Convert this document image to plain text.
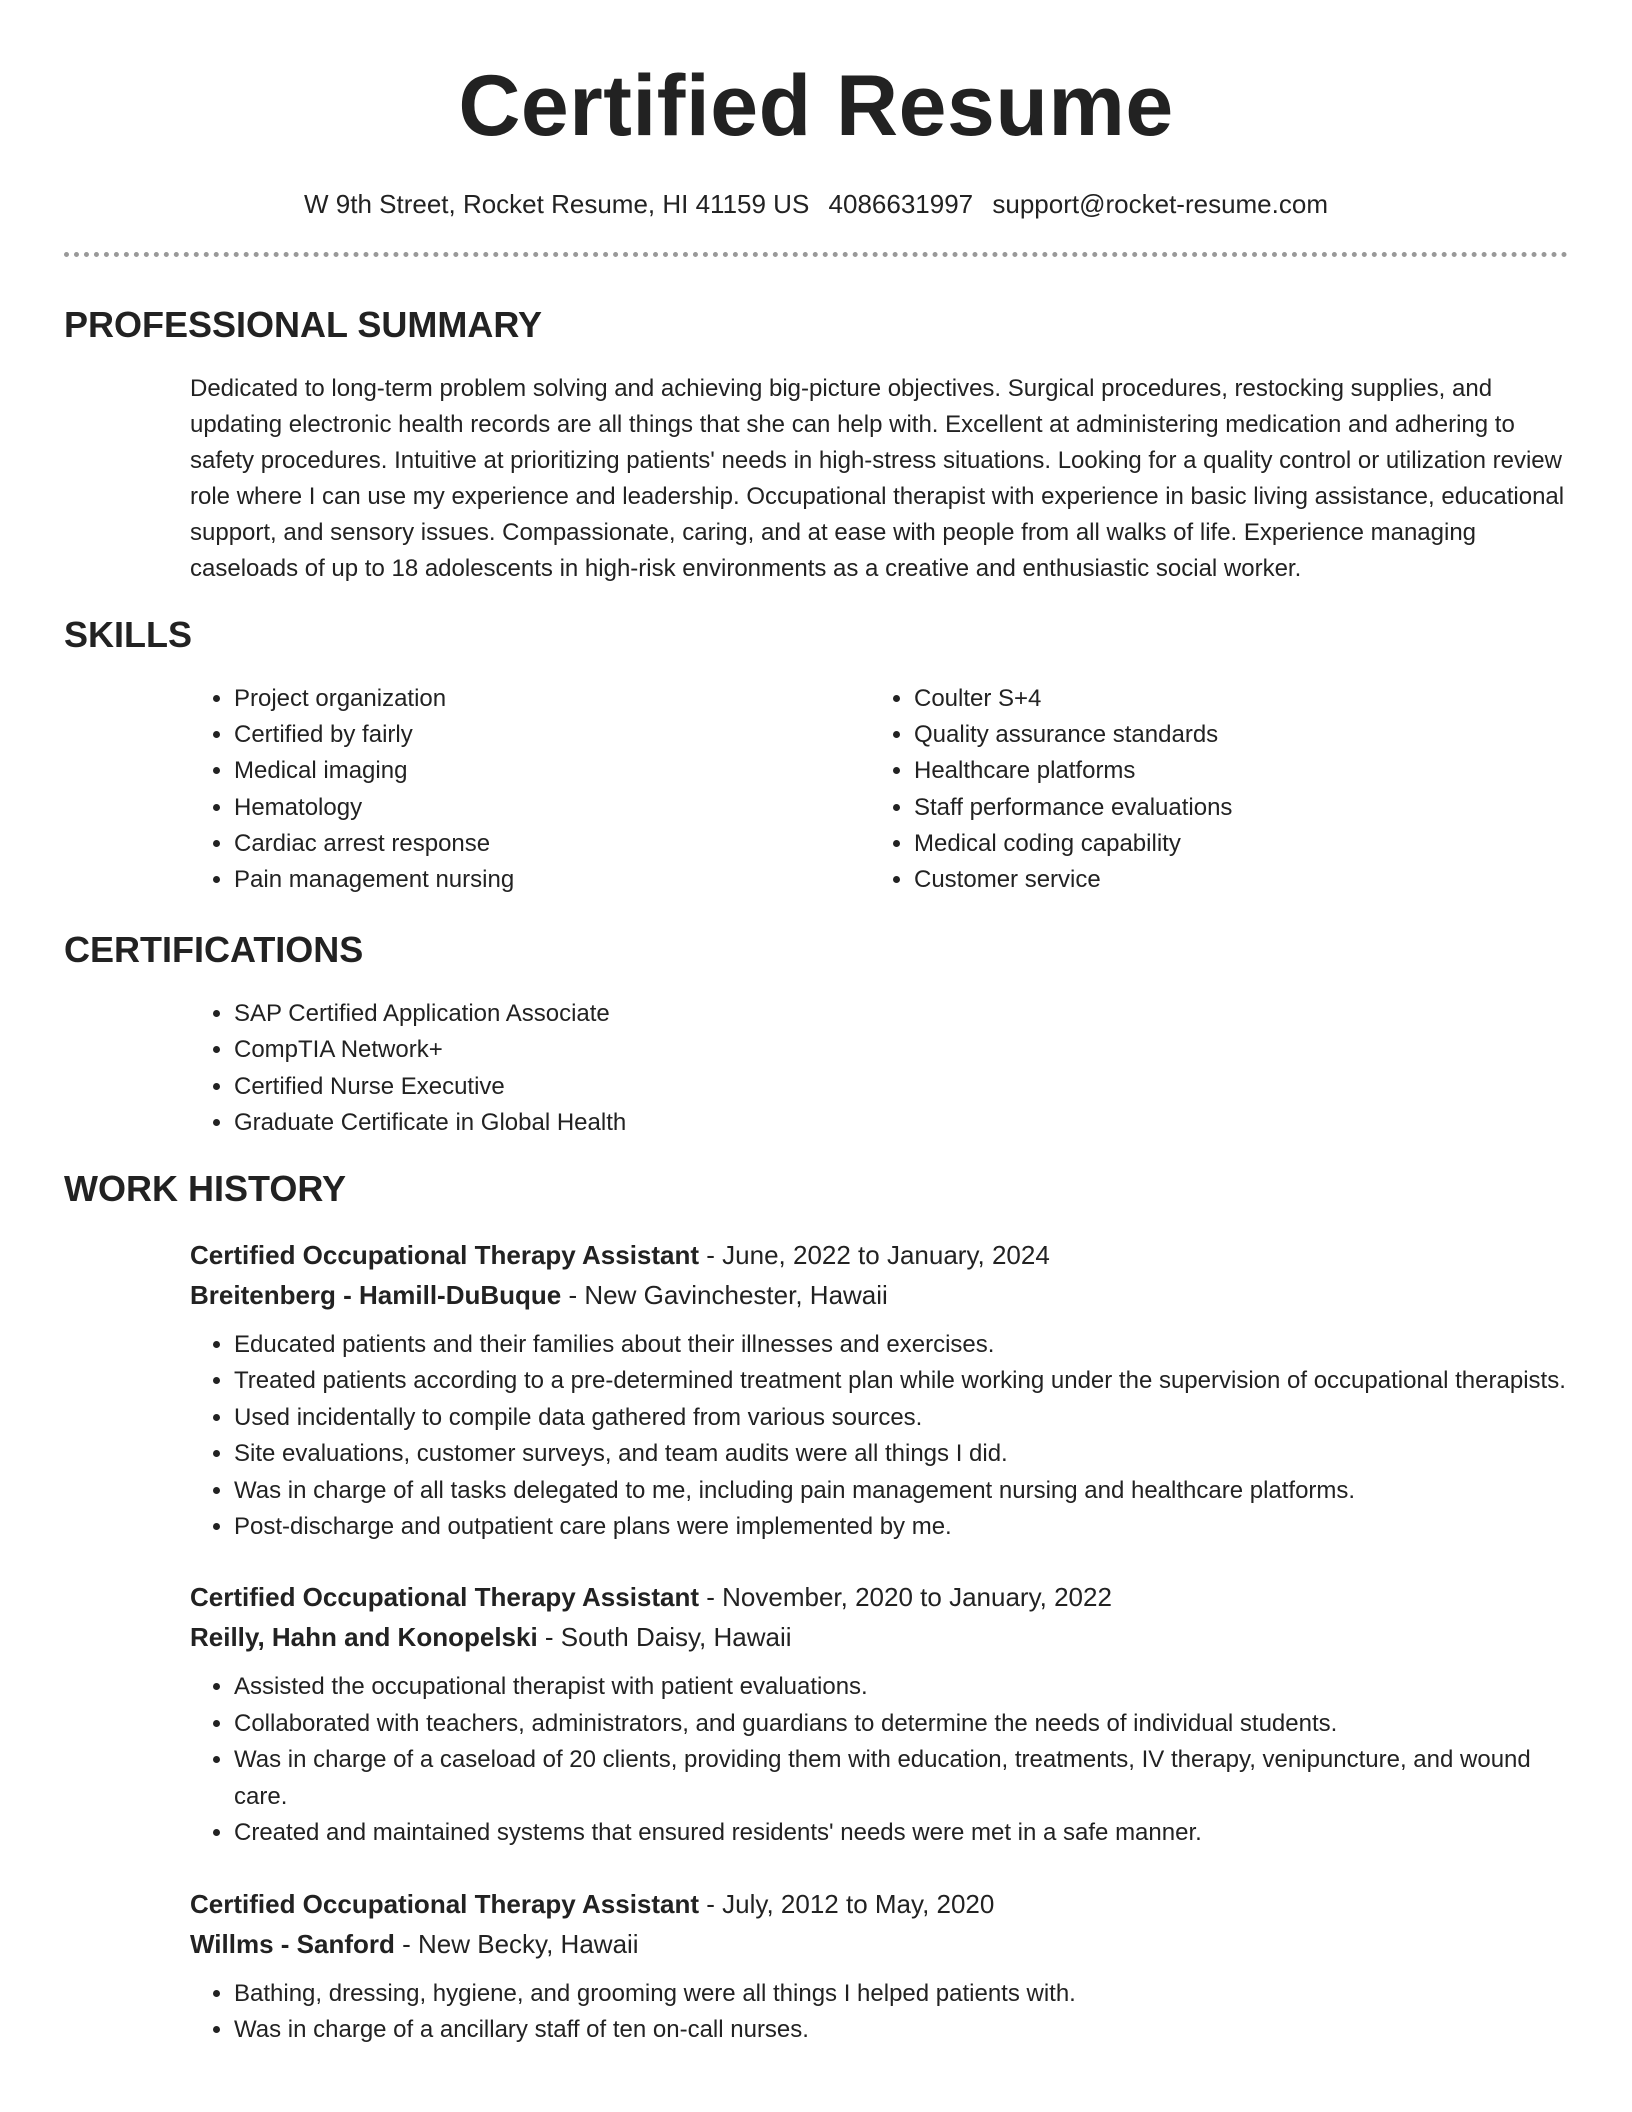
Certified Resume
W 9th Street, Rocket Resume, HI 41159 US 4086631997 support@rocket-resume.com
PROFESSIONAL SUMMARY

Dedicated to long-term problem solving and achieving big-picture objectives. Surgical procedures, restocking supplies, and updating electronic health records are all things that she can help with. Excellent at administering medication and adhering to safety procedures. Intuitive at prioritizing patients' needs in high-stress situations. Looking for a quality control or utilization review role where I can use my experience and leadership. Occupational therapist with experience in basic living assistance, educational support, and sensory issues. Compassionate, caring, and at ease with people from all walks of life. Experience managing caseloads of up to 18 adolescents in high-risk environments as a creative and enthusiastic social worker.

SKILLS
• Project organization
• Certified by fairly
• Medical imaging
• Hematology
• Cardiac arrest response
• Pain management nursing
• Coulter S+4
• Quality assurance standards
• Healthcare platforms
• Staff performance evaluations
• Medical coding capability
• Customer service
CERTIFICATIONS
• SAP Certified Application Associate
• CompTIA Network+
• Certified Nurse Executive
• Graduate Certificate in Global Health
WORK HISTORY
Certified Occupational Therapy Assistant - June, 2022 to January, 2024
Breitenberg - Hamill-DuBuque - New Gavinchester, Hawaii
• Educated patients and their families about their illnesses and exercises.
• Treated patients according to a pre-determined treatment plan while working under the supervision of occupational therapists.
• Used incidentally to compile data gathered from various sources.
• Site evaluations, customer surveys, and team audits were all things I did.
• Was in charge of all tasks delegated to me, including pain management nursing and healthcare platforms.
• Post-discharge and outpatient care plans were implemented by me.
Certified Occupational Therapy Assistant - November, 2020 to January, 2022
Reilly, Hahn and Konopelski - South Daisy, Hawaii
• Assisted the occupational therapist with patient evaluations.
• Collaborated with teachers, administrators, and guardians to determine the needs of individual students.
• Was in charge of a caseload of 20 clients, providing them with education, treatments, IV therapy, venipuncture, and wound care.
• Created and maintained systems that ensured residents' needs were met in a safe manner.
Certified Occupational Therapy Assistant - July, 2012 to May, 2020
Willms - Sanford - New Becky, Hawaii
• Bathing, dressing, hygiene, and grooming were all things I helped patients with.
• Was in charge of a ancillary staff of ten on-call nurses.
